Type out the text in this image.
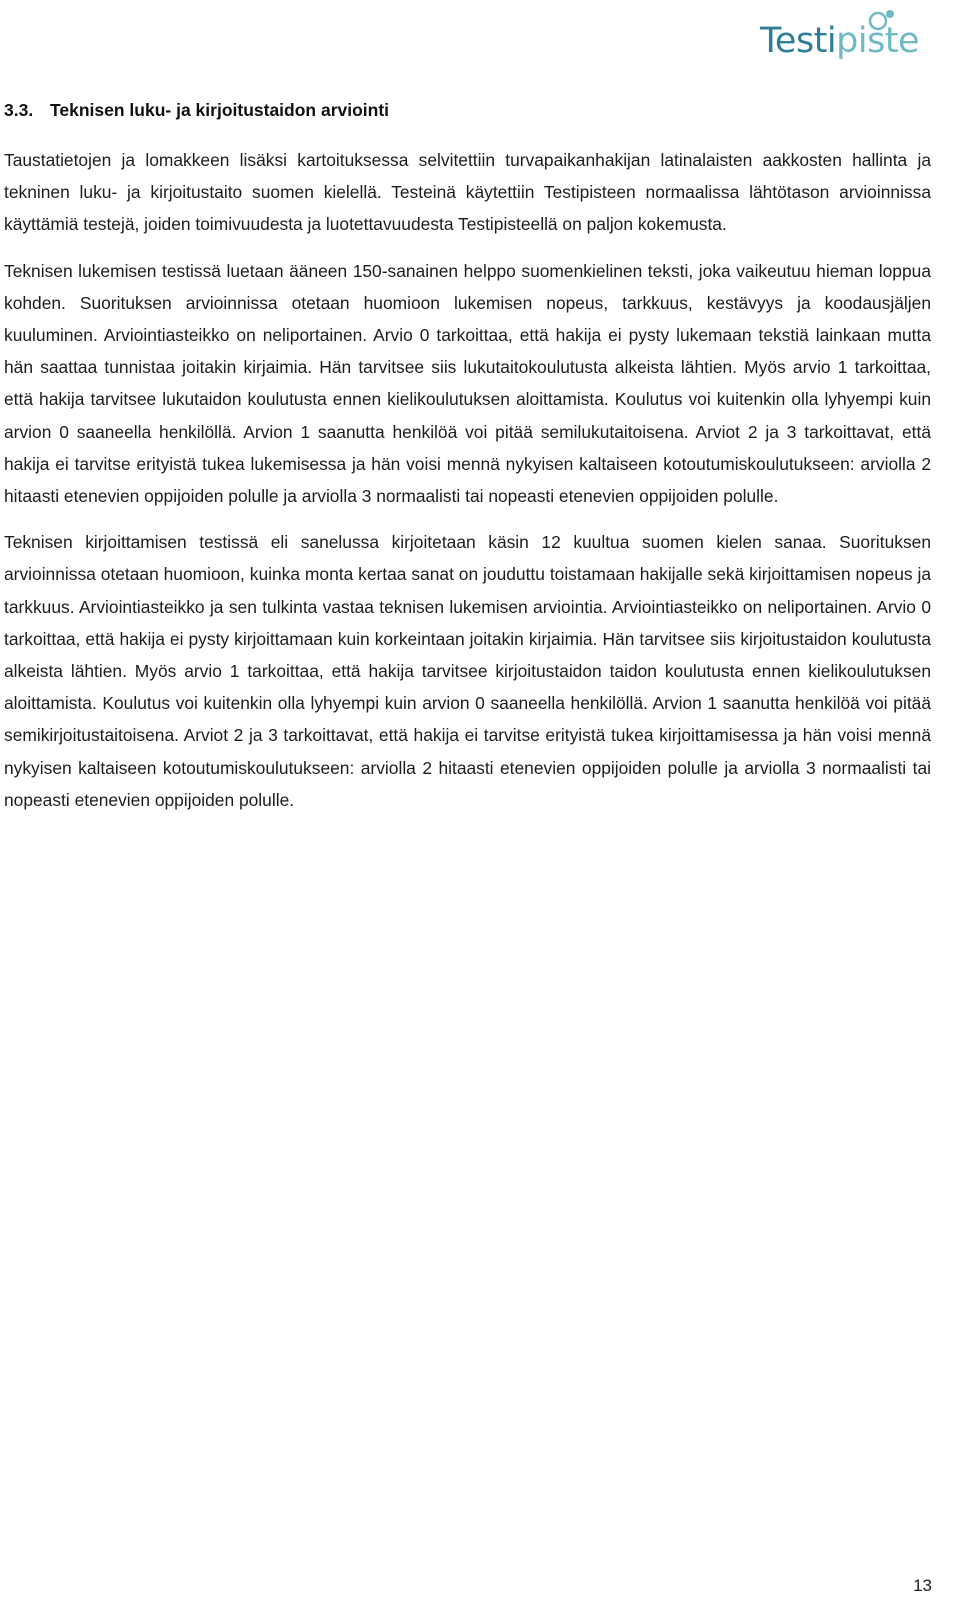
Testipiste
3.3. Teknisen luku- ja kirjoitustaidon arviointi

Taustatietojen ja lomakkeen lisäksi kartoituksessa selvitettiin turvapaikanhakijan latinalaisten aakkosten hallinta ja tekninen luku- ja kirjoitustaito suomen kielellä. Testeinä käytettiin Testipisteen normaalissa lähtötason arvioinnissa käyttämiä testejä, joiden toimivuudesta ja luotettavuudesta Testipisteellä on paljon kokemusta.

Teknisen lukemisen testissä luetaan ääneen 150-sanainen helppo suomenkielinen teksti, joka vaikeutuu hieman loppua kohden. Suorituksen arvioinnissa otetaan huomioon lukemisen nopeus, tarkkuus, kestävyys ja koodausjäljen kuuluminen. Arviointiasteikko on neliportainen. Arvio 0 tarkoittaa, että hakija ei pysty lukemaan tekstiä lainkaan mutta hän saattaa tunnistaa joitakin kirjaimia. Hän tarvitsee siis lukutaitokoulutusta alkeista lähtien. Myös arvio 1 tarkoittaa, että hakija tarvitsee lukutaidon koulutusta ennen kielikoulutuksen aloittamista. Koulutus voi kuitenkin olla lyhyempi kuin arvion 0 saaneella henkilöllä. Arvion 1 saanutta henkilöä voi pitää semilukutaitoisena. Arviot 2 ja 3 tarkoittavat, että hakija ei tarvitse erityistä tukea lukemisessa ja hän voisi mennä nykyisen kaltaiseen kotoutumiskoulutukseen: arviolla 2 hitaasti etenevien oppijoiden polulle ja arviolla 3 normaalisti tai nopeasti etenevien oppijoiden polulle.

Teknisen kirjoittamisen testissä eli sanelussa kirjoitetaan käsin 12 kuultua suomen kielen sanaa. Suorituksen arvioinnissa otetaan huomioon, kuinka monta kertaa sanat on jouduttu toistamaan hakijalle sekä kirjoittamisen nopeus ja tarkkuus. Arviointiasteikko ja sen tulkinta vastaa teknisen lukemisen arviointia. Arviointiasteikko on neliportainen. Arvio 0 tarkoittaa, että hakija ei pysty kirjoittamaan kuin korkeintaan joitakin kirjaimia. Hän tarvitsee siis kirjoitustaidon koulutusta alkeista lähtien. Myös arvio 1 tarkoittaa, että hakija tarvitsee kirjoitustaidon taidon koulutusta ennen kielikoulutuksen aloittamista. Koulutus voi kuitenkin olla lyhyempi kuin arvion 0 saaneella henkilöllä. Arvion 1 saanutta henkilöä voi pitää semikirjoitustaitoisena. Arviot 2 ja 3 tarkoittavat, että hakija ei tarvitse erityistä tukea kirjoittamisessa ja hän voisi mennä nykyisen kaltaiseen kotoutumiskoulutukseen: arviolla 2 hitaasti etenevien oppijoiden polulle ja arviolla 3 normaalisti tai nopeasti etenevien oppijoiden polulle.

13
